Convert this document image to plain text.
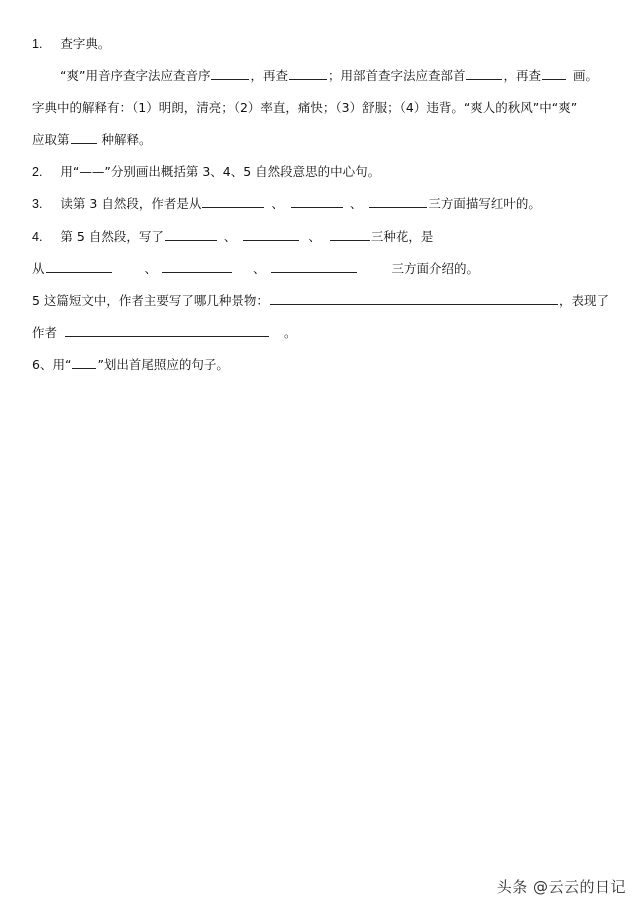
1. 查字典。
“爽”用音序查字法应查音序	，再查	；用部首查字法应查部首	，再查	画。
字典中的解释有：（1）明朗，清亮；（2）率直，痛快；（3）舒服；（4）违背。“爽人的秋风”中“爽”
应取第	种解释。
2. 用“——”分别画出概括第 3、4、5 自然段意思的中心句。
3. 读第 3 自然段，作者是从	、	、	三方面描写红叶的。
4. 第 5 自然段，写了	、	、	三种花，是
从	、	、	三方面介绍的。
5 这篇短文中，作者主要写了哪几种景物：	，表现了
作者	。
6、用“ ”划出首尾照应的句子。
头条 @云云的日记
